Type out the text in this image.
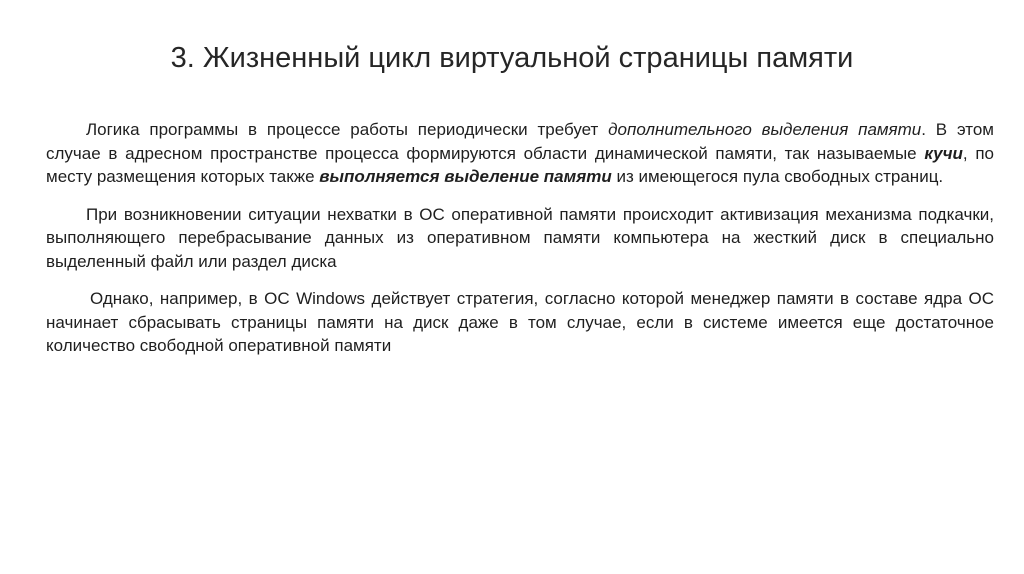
3. Жизненный цикл виртуальной страницы памяти

Логика программы в процессе работы периодически требует дополнительного выделения памяти. В этом случае в адресном пространстве процесса формируются области динамической памяти, так называемые кучи, по месту размещения которых также выполняется выделение памяти из имеющегося пула свободных страниц.

При возникновении ситуации нехватки в ОС оперативной памяти происходит активизация механизма подкачки, выполняющего перебрасывание данных из оперативном памяти компьютера на жесткий диск в специально выделенный файл или раздел диска

Однако, например, в ОС Windows действует стратегия, согласно которой менеджер памяти в составе ядра ОС начинает сбрасывать страницы памяти на диск даже в том случае, если в системе имеется еще достаточное количество свободной оперативной памяти
